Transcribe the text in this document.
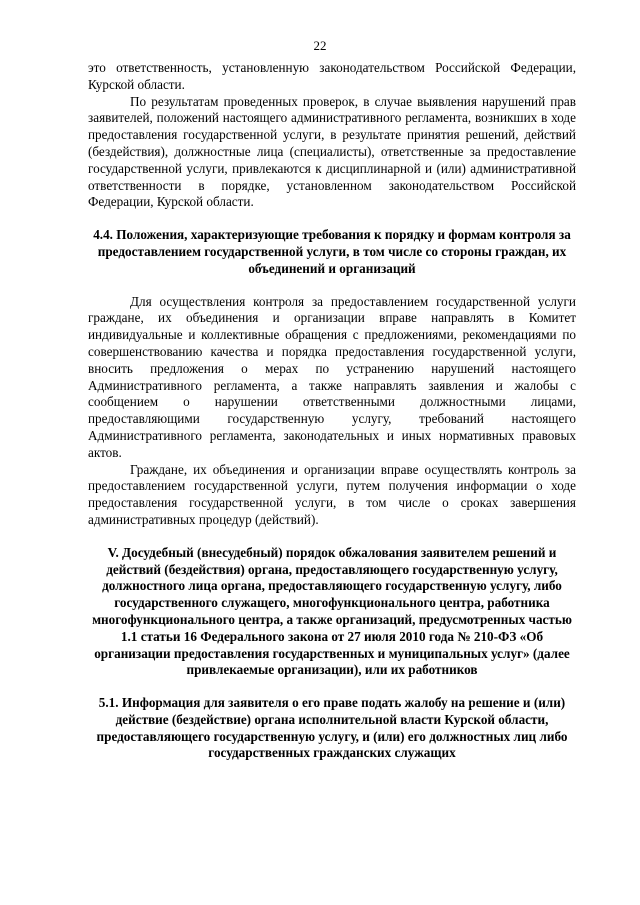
22

это ответственность, установленную законодательством Российской Федерации, Курской области.

По результатам проведенных проверок, в случае выявления нарушений прав заявителей, положений настоящего административного регламента, возникших в ходе предоставления государственной услуги, в результате принятия решений, действий (бездействия), должностные лица (специалисты), ответственные за предоставление государственной услуги, привлекаются к дисциплинарной и (или) административной ответственности в порядке, установленном законодательством Российской Федерации, Курской области.

4.4. Положения, характеризующие требования к порядку и формам контроля за предоставлением государственной услуги, в том числе со стороны граждан, их объединений и организаций

Для осуществления контроля за предоставлением государственной услуги граждане, их объединения и организации вправе направлять в Комитет индивидуальные и коллективные обращения с предложениями, рекомендациями по совершенствованию качества и порядка предоставления государственной услуги, вносить предложения о мерах по устранению нарушений настоящего Административного регламента, а также направлять заявления и жалобы с сообщением о нарушении ответственными должностными лицами, предоставляющими государственную услугу, требований настоящего Административного регламента, законодательных и иных нормативных правовых актов.

Граждане, их объединения и организации вправе осуществлять контроль за предоставлением государственной услуги, путем получения информации о ходе предоставления государственной услуги, в том числе о сроках завершения административных процедур (действий).

V. Досудебный (внесудебный) порядок обжалования заявителем решений и действий (бездействия) органа, предоставляющего государственную услугу, должностного лица органа, предоставляющего государственную услугу, либо государственного служащего, многофункционального центра, работника многофункционального центра, а также организаций, предусмотренных частью 1.1 статьи 16 Федерального закона от 27 июля 2010 года № 210-ФЗ «Об организации предоставления государственных и муниципальных услуг» (далее привлекаемые организации), или их работников
5.1. Информация для заявителя о его праве подать жалобу на решение и (или) действие (бездействие) органа исполнительной власти Курской области, предоставляющего государственную услугу, и (или) его должностных лиц либо государственных гражданских служащих
